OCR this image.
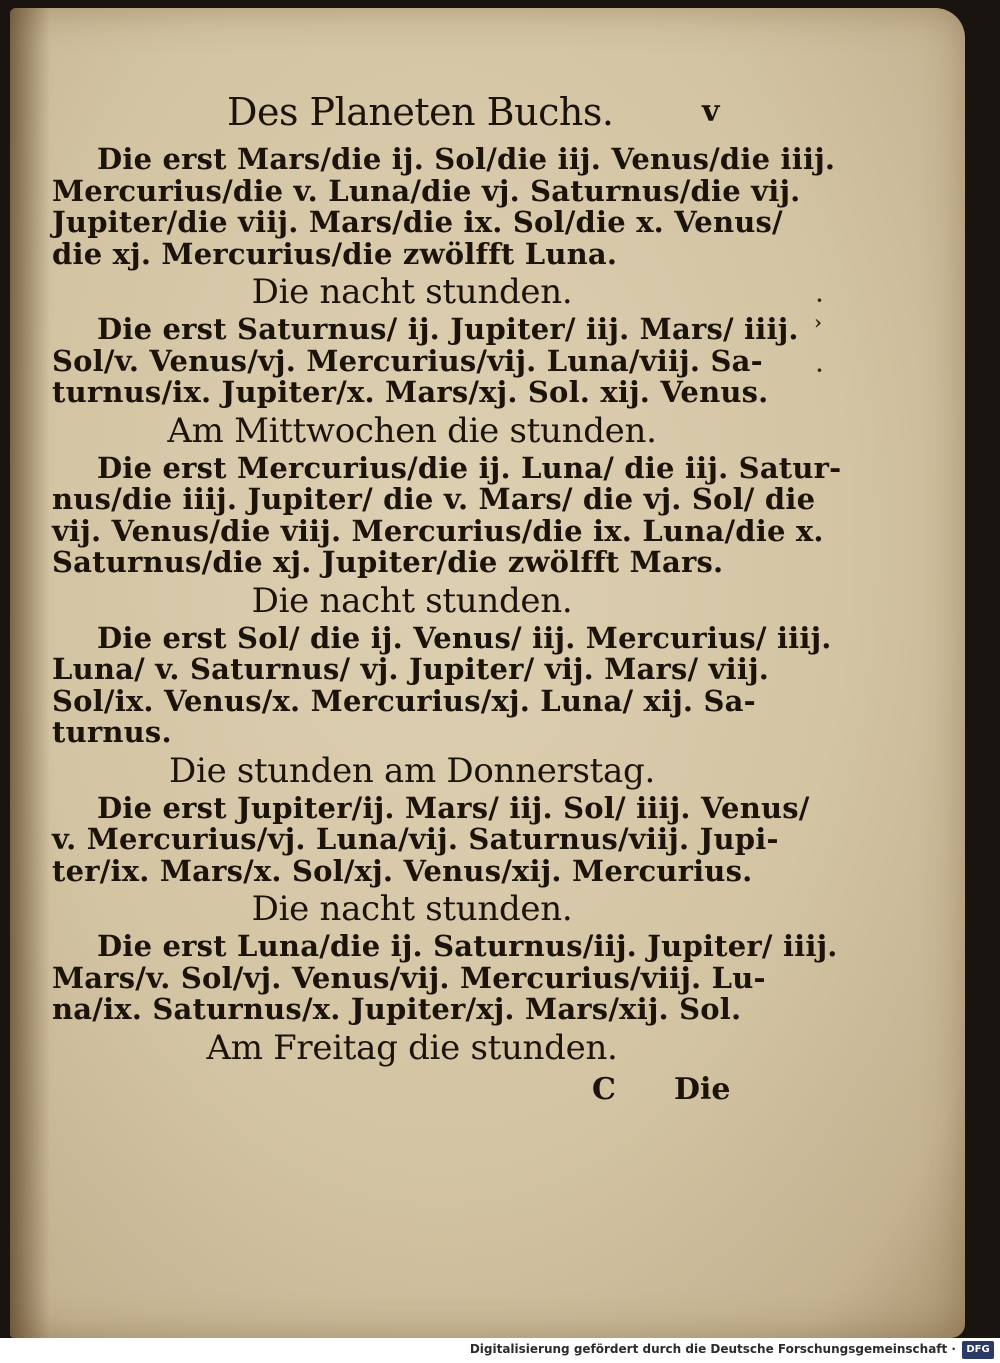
·
›
·

Des Planeten Buchs.	v
Die erst Mars/die ij. Sol/die iij. Venus/die iiij.
Mercurius/die v. Luna/die vj. Saturnus/die vij.
Jupiter/die viij. Mars/die ix. Sol/die x. Venus/
die xj. Mercurius/die zwölfft Luna.
Die nacht stunden.
Die erst Saturnus/ ij. Jupiter/ iij. Mars/ iiij.
Sol/v. Venus/vj. Mercurius/vij. Luna/viij. Sa-
turnus/ix. Jupiter/x. Mars/xj. Sol. xij. Venus.
Am Mittwochen die stunden.
Die erst Mercurius/die ij. Luna/ die iij. Satur-
nus/die iiij. Jupiter/ die v. Mars/ die vj. Sol/ die
vij. Venus/die viij. Mercurius/die ix. Luna/die x.
Saturnus/die xj. Jupiter/die zwölfft Mars.
Die nacht stunden.
Die erst Sol/ die ij. Venus/ iij. Mercurius/ iiij.
Luna/ v. Saturnus/ vj. Jupiter/ vij. Mars/ viij.
Sol/ix. Venus/x. Mercurius/xj. Luna/ xij. Sa-
turnus.
Die stunden am Donnerstag.
Die erst Jupiter/ij. Mars/ iij. Sol/ iiij. Venus/
v. Mercurius/vj. Luna/vij. Saturnus/viij. Jupi-
ter/ix. Mars/x. Sol/xj. Venus/xij. Mercurius.
Die nacht stunden.
Die erst Luna/die ij. Saturnus/iij. Jupiter/ iiij.
Mars/v. Sol/vj. Venus/vij. Mercurius/viij. Lu-
na/ix. Saturnus/x. Jupiter/xj. Mars/xij. Sol.
Am Freitag die stunden.
C Die
Digitalisierung gefördert durch die Deutsche Forschungsgemeinschaft ·	DFG
